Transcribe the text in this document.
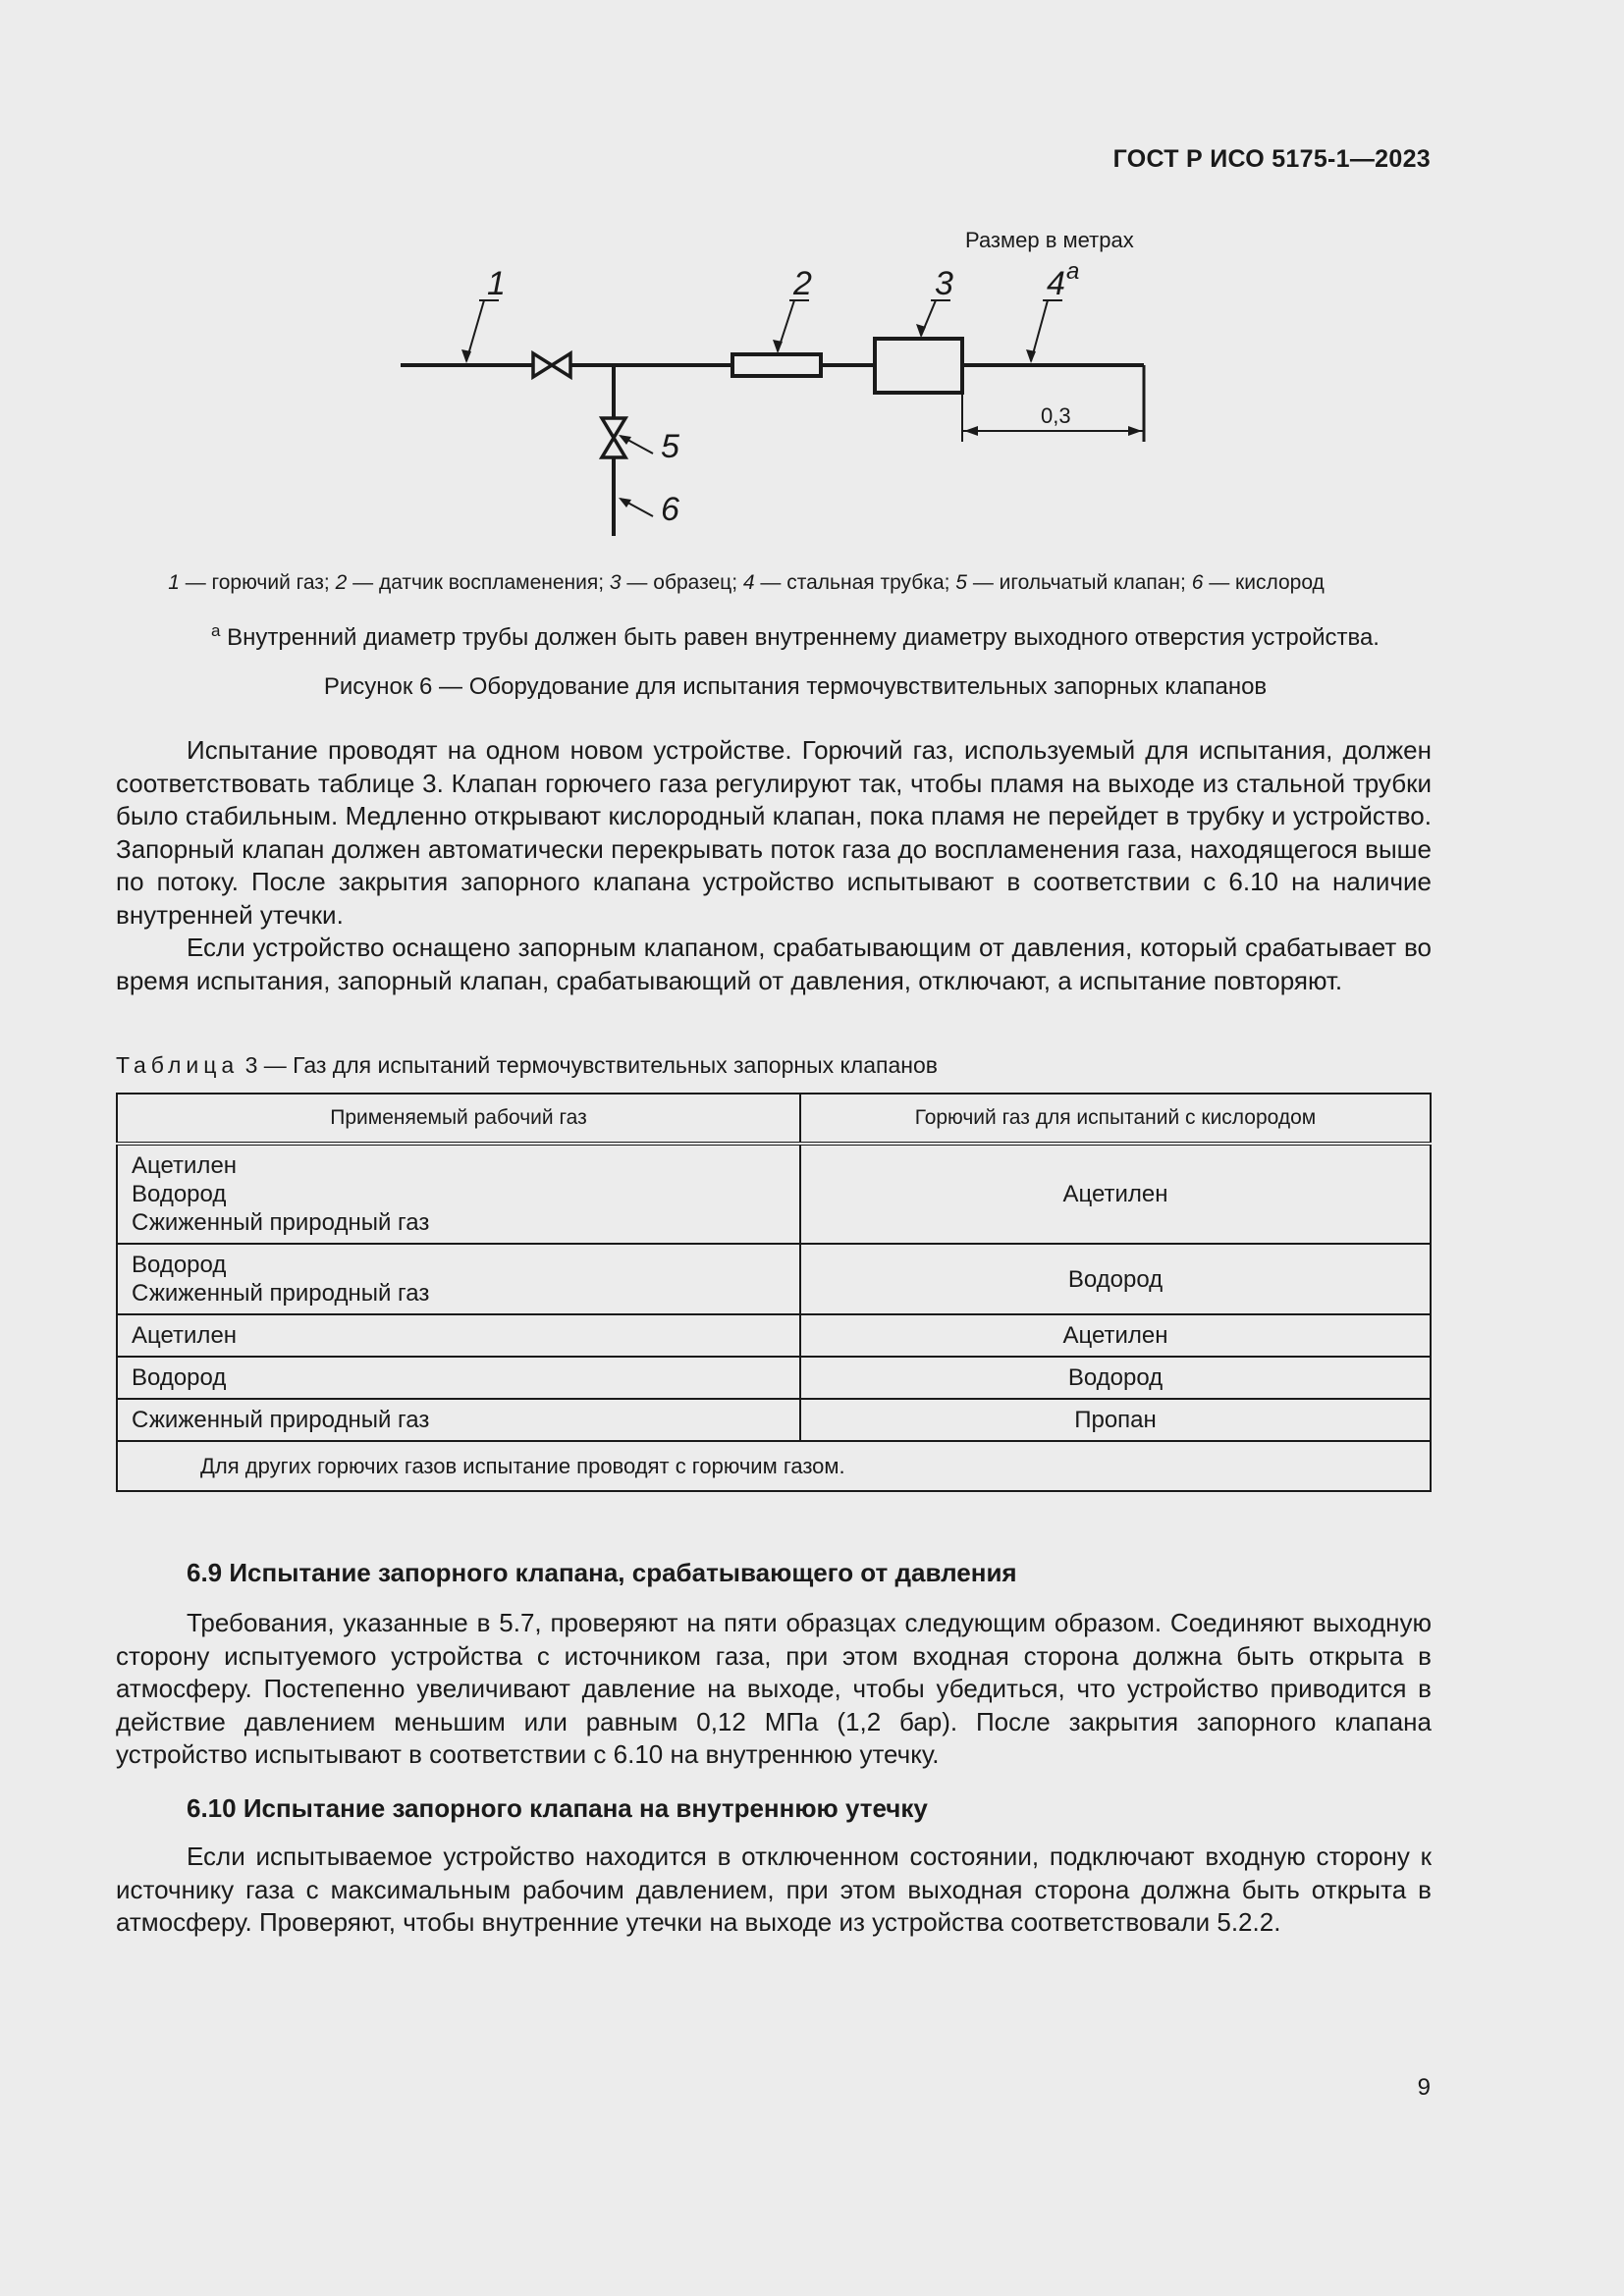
ГОСТ Р ИСО 5175-1—2023
Размер в метрах
1	2	3	4 a
5
6
0,3
1 — горючий газ; 2 — датчик воспламенения; 3 — образец; 4 — стальная трубка; 5 — игольчатый клапан; 6 — кислород
$^a$ Внутренний диаметр трубы должен быть равен внутреннему диаметру выходного отверстия устройства.
Рисунок 6 — Оборудование для испытания термочувствительных запорных клапанов

Испытание проводят на одном новом устройстве. Горючий газ, используемый для испытания, должен соответствовать таблице 3. Клапан горючего газа регулируют так, чтобы пламя на выходе из стальной трубки было стабильным. Медленно открывают кислородный клапан, пока пламя не перейдет в трубку и устройство. Запорный клапан должен автоматически перекрывать поток газа до воспламенения газа, находящегося выше по потоку. После закрытия запорного клапана устройство испытывают в соответствии с 6.10 на наличие внутренней утечки.

Если устройство оснащено запорным клапаном, срабатывающим от давления, который срабатывает во время испытания, запорный клапан, срабатывающий от давления, отключают, а испытание повторяют.

Таблица 3 — Газ для испытаний термочувствительных запорных клапанов
Применяемый рабочий газ	Горючий газ для испытаний с кислородом
Ацетилен
Водород
Сжиженный природный газ	Ацетилен
Водород
Сжиженный природный газ	Водород
Ацетилен	Ацетилен
Водород	Водород
Сжиженный природный газ	Пропан
Для других горючих газов испытание проводят с горючим газом.	
6.9 Испытание запорного клапана, срабатывающего от давления

Требования, указанные в 5.7, проверяют на пяти образцах следующим образом. Соединяют выходную сторону испытуемого устройства с источником газа, при этом входная сторона должна быть открыта в атмосферу. Постепенно увеличивают давление на выходе, чтобы убедиться, что устройство приводится в действие давлением меньшим или равным 0,12 МПа (1,2 бар). После закрытия запорного клапана устройство испытывают в соответствии с 6.10 на внутреннюю утечку.

6.10 Испытание запорного клапана на внутреннюю утечку

Если испытываемое устройство находится в отключенном состоянии, подключают входную сторону к источнику газа с максимальным рабочим давлением, при этом выходная сторона должна быть открыта в атмосферу. Проверяют, чтобы внутренние утечки на выходе из устройства соответствовали 5.2.2.

9
